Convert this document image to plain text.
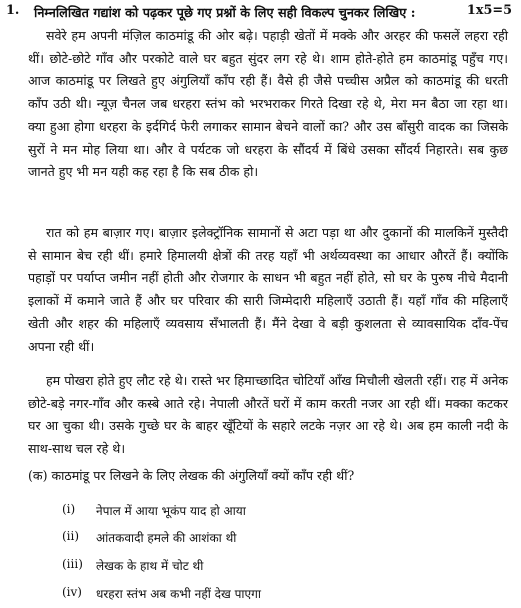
1. निम्नलिखित गद्यांश को पढ़कर पूछे गए प्रश्नों के लिए सही विकल्प चुनकर लिखिए :	1x5=5
सवेरे हम अपनी मंज़िल काठमांडू की ओर बढ़े। पहाड़ी खेतों में मक्के और अरहर की फसलें लहरा रही थीं। छोटे-छोटे गाँव और परकोटे वाले घर बहुत सुंदर लग रहे थे। शाम होते-होते हम काठमांडू पहुँच गए। आज काठमांडू पर लिखते हुए अंगुलियाँ काँप रही हैं। वैसे ही जैसे पच्चीस अप्रैल को काठमांडू की धरती काँप उठी थी। न्यूज़ चैनल जब धरहरा स्तंभ को भरभराकर गिरते दिखा रहे थे, मेरा मन बैठा जा रहा था। क्या हुआ होगा धरहरा के इर्दगिर्द फेरी लगाकर सामान बेचने वालों का? और उस बाँसुरी वादक का जिसके सुरों ने मन मोह लिया था। और वे पर्यटक जो धरहरा के सौंदर्य में बिंधे उसका सौंदर्य निहारते। सब कुछ जानते हुए भी मन यही कह रहा है कि सब ठीक हो।
रात को हम बाज़ार गए। बाज़ार इलेक्ट्रॉनिक सामानों से अटा पड़ा था और दुकानों की मालकिनें मुस्तैदी से सामान बेच रही थीं। हमारे हिमालयी क्षेत्रों की तरह यहाँ भी अर्थव्यवस्था का आधार औरतें हैं। क्योंकि पहाड़ों पर पर्याप्त जमीन नहीं होती और रोजगार के साधन भी बहुत नहीं होते, सो घर के पुरुष नीचे मैदानी इलाकों में कमाने जाते हैं और घर परिवार की सारी जिम्मेदारी महिलाएँ उठाती हैं। यहाँ गाँव की महिलाएँ खेती और शहर की महिलाएँ व्यवसाय सँभालती हैं। मैंने देखा वे बड़ी कुशलता से व्यावसायिक दाँव-पेंच अपना रही थीं।
हम पोखरा होते हुए लौट रहे थे। रास्ते भर हिमाच्छादित चोटियाँ आँख मिचौली खेलती रहीं। राह में अनेक छोटे-बड़े नगर-गाँव और कस्बे आते रहे। नेपाली औरतें घरों में काम करती नजर आ रही थीं। मक्का कटकर घर आ चुका थी। उसके गुच्छे घर के बाहर खूँटियों के सहारे लटके नज़र आ रहे थे। अब हम काली नदी के साथ-साथ चल रहे थे।
(क) काठमांडू पर लिखने के लिए लेखक की अंगुलियाँ क्यों काँप रही थीं?
(i) नेपाल में आया भूकंप याद हो आया
(ii) आंतकवादी हमले की आशंका थी
(iii) लेखक के हाथ में चोट थी
(iv) धरहरा स्तंभ अब कभी नहीं देख पाएगा
